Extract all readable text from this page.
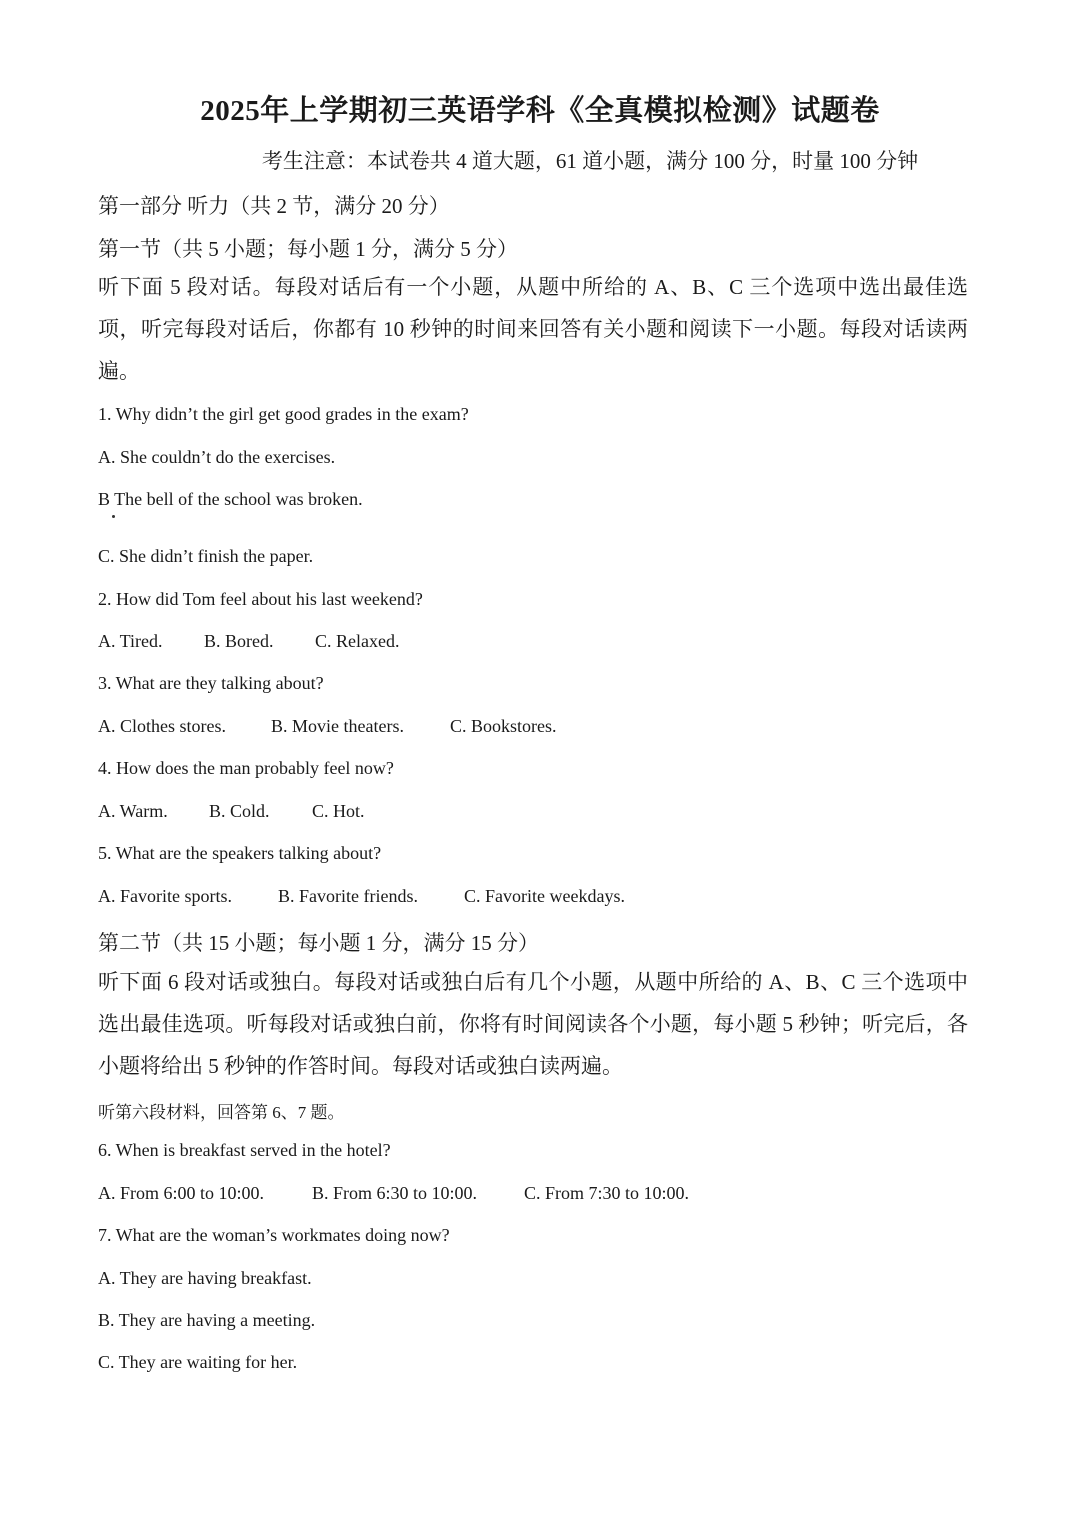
2025年上学期初三英语学科《全真模拟检测》试题卷
考生注意：本试卷共 4 道大题，61 道小题，满分 100 分，时量 100 分钟
第一部分 听力（共 2 节，满分 20 分）
第一节（共 5 小题；每小题 1 分，满分 5 分）
听下面 5 段对话。每段对话后有一个小题，从题中所给的 A、B、C 三个选项中选出最佳选项，听完每段对话后，你都有 10 秒钟的时间来回答有关小题和阅读下一小题。每段对话读两遍。
1. Why didn’t the girl get good grades in the exam?
A. She couldn’t do the exercises.
B The bell of the school was broken.
C. She didn’t finish the paper.
2. How did Tom feel about his last weekend?
A. Tired.	B. Bored.	C. Relaxed.
3. What are they talking about?
A. Clothes stores.	B. Movie theaters.	C. Bookstores.
4. How does the man probably feel now?
A. Warm.	B. Cold.	C. Hot.
5. What are the speakers talking about?
A. Favorite sports.	B. Favorite friends.	C. Favorite weekdays.
第二节（共 15 小题；每小题 1 分，满分 15 分）
听下面 6 段对话或独白。每段对话或独白后有几个小题，从题中所给的 A、B、C 三个选项中选出最佳选项。听每段对话或独白前，你将有时间阅读各个小题，每小题 5 秒钟；听完后，各小题将给出 5 秒钟的作答时间。每段对话或独白读两遍。
听第六段材料，回答第 6、7 题。
6. When is breakfast served in the hotel?
A. From 6:00 to 10:00.	B. From 6:30 to 10:00.	C. From 7:30 to 10:00.
7. What are the woman’s workmates doing now?
A. They are having breakfast.
B. They are having a meeting.
C. They are waiting for her.
